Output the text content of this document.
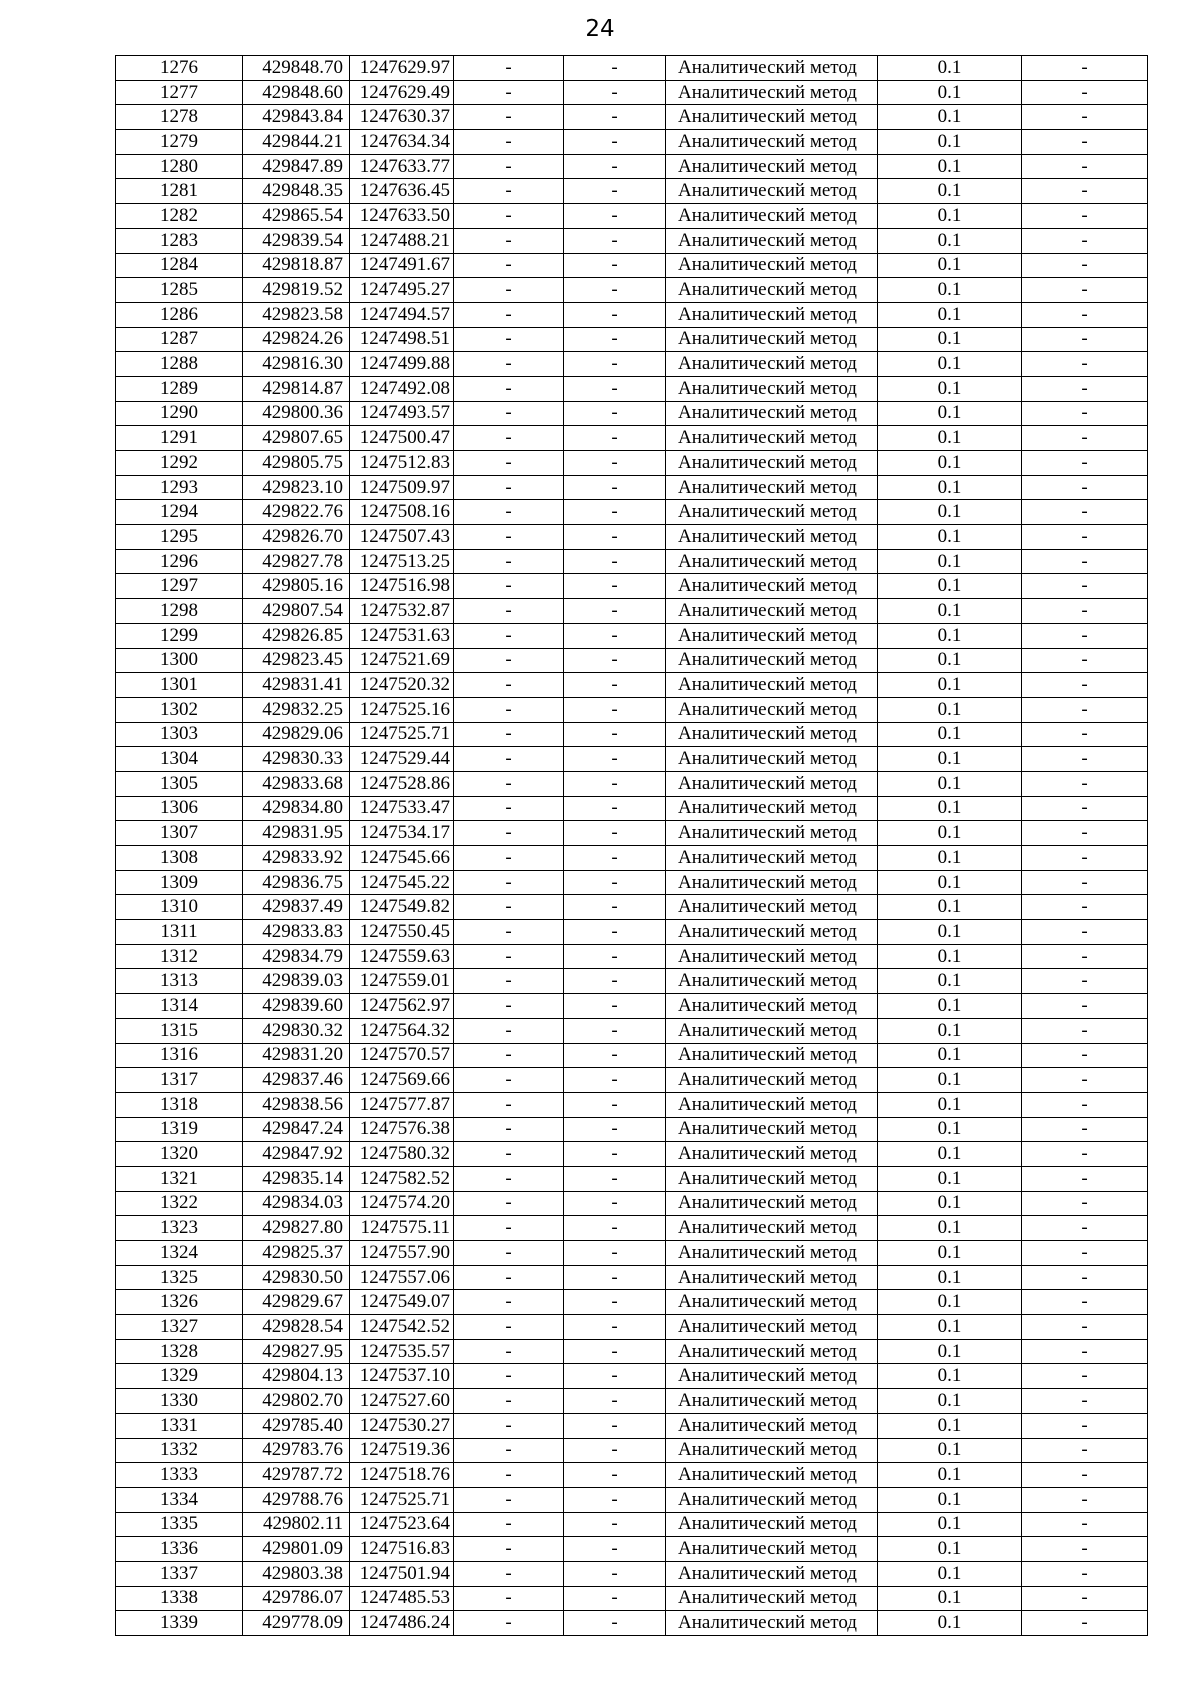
24
1276	429848.70	1247629.97	-	-	Аналитический метод	0.1	-
1277	429848.60	1247629.49	-	-	Аналитический метод	0.1	-
1278	429843.84	1247630.37	-	-	Аналитический метод	0.1	-
1279	429844.21	1247634.34	-	-	Аналитический метод	0.1	-
1280	429847.89	1247633.77	-	-	Аналитический метод	0.1	-
1281	429848.35	1247636.45	-	-	Аналитический метод	0.1	-
1282	429865.54	1247633.50	-	-	Аналитический метод	0.1	-
1283	429839.54	1247488.21	-	-	Аналитический метод	0.1	-
1284	429818.87	1247491.67	-	-	Аналитический метод	0.1	-
1285	429819.52	1247495.27	-	-	Аналитический метод	0.1	-
1286	429823.58	1247494.57	-	-	Аналитический метод	0.1	-
1287	429824.26	1247498.51	-	-	Аналитический метод	0.1	-
1288	429816.30	1247499.88	-	-	Аналитический метод	0.1	-
1289	429814.87	1247492.08	-	-	Аналитический метод	0.1	-
1290	429800.36	1247493.57	-	-	Аналитический метод	0.1	-
1291	429807.65	1247500.47	-	-	Аналитический метод	0.1	-
1292	429805.75	1247512.83	-	-	Аналитический метод	0.1	-
1293	429823.10	1247509.97	-	-	Аналитический метод	0.1	-
1294	429822.76	1247508.16	-	-	Аналитический метод	0.1	-
1295	429826.70	1247507.43	-	-	Аналитический метод	0.1	-
1296	429827.78	1247513.25	-	-	Аналитический метод	0.1	-
1297	429805.16	1247516.98	-	-	Аналитический метод	0.1	-
1298	429807.54	1247532.87	-	-	Аналитический метод	0.1	-
1299	429826.85	1247531.63	-	-	Аналитический метод	0.1	-
1300	429823.45	1247521.69	-	-	Аналитический метод	0.1	-
1301	429831.41	1247520.32	-	-	Аналитический метод	0.1	-
1302	429832.25	1247525.16	-	-	Аналитический метод	0.1	-
1303	429829.06	1247525.71	-	-	Аналитический метод	0.1	-
1304	429830.33	1247529.44	-	-	Аналитический метод	0.1	-
1305	429833.68	1247528.86	-	-	Аналитический метод	0.1	-
1306	429834.80	1247533.47	-	-	Аналитический метод	0.1	-
1307	429831.95	1247534.17	-	-	Аналитический метод	0.1	-
1308	429833.92	1247545.66	-	-	Аналитический метод	0.1	-
1309	429836.75	1247545.22	-	-	Аналитический метод	0.1	-
1310	429837.49	1247549.82	-	-	Аналитический метод	0.1	-
1311	429833.83	1247550.45	-	-	Аналитический метод	0.1	-
1312	429834.79	1247559.63	-	-	Аналитический метод	0.1	-
1313	429839.03	1247559.01	-	-	Аналитический метод	0.1	-
1314	429839.60	1247562.97	-	-	Аналитический метод	0.1	-
1315	429830.32	1247564.32	-	-	Аналитический метод	0.1	-
1316	429831.20	1247570.57	-	-	Аналитический метод	0.1	-
1317	429837.46	1247569.66	-	-	Аналитический метод	0.1	-
1318	429838.56	1247577.87	-	-	Аналитический метод	0.1	-
1319	429847.24	1247576.38	-	-	Аналитический метод	0.1	-
1320	429847.92	1247580.32	-	-	Аналитический метод	0.1	-
1321	429835.14	1247582.52	-	-	Аналитический метод	0.1	-
1322	429834.03	1247574.20	-	-	Аналитический метод	0.1	-
1323	429827.80	1247575.11	-	-	Аналитический метод	0.1	-
1324	429825.37	1247557.90	-	-	Аналитический метод	0.1	-
1325	429830.50	1247557.06	-	-	Аналитический метод	0.1	-
1326	429829.67	1247549.07	-	-	Аналитический метод	0.1	-
1327	429828.54	1247542.52	-	-	Аналитический метод	0.1	-
1328	429827.95	1247535.57	-	-	Аналитический метод	0.1	-
1329	429804.13	1247537.10	-	-	Аналитический метод	0.1	-
1330	429802.70	1247527.60	-	-	Аналитический метод	0.1	-
1331	429785.40	1247530.27	-	-	Аналитический метод	0.1	-
1332	429783.76	1247519.36	-	-	Аналитический метод	0.1	-
1333	429787.72	1247518.76	-	-	Аналитический метод	0.1	-
1334	429788.76	1247525.71	-	-	Аналитический метод	0.1	-
1335	429802.11	1247523.64	-	-	Аналитический метод	0.1	-
1336	429801.09	1247516.83	-	-	Аналитический метод	0.1	-
1337	429803.38	1247501.94	-	-	Аналитический метод	0.1	-
1338	429786.07	1247485.53	-	-	Аналитический метод	0.1	-
1339	429778.09	1247486.24	-	-	Аналитический метод	0.1	-
